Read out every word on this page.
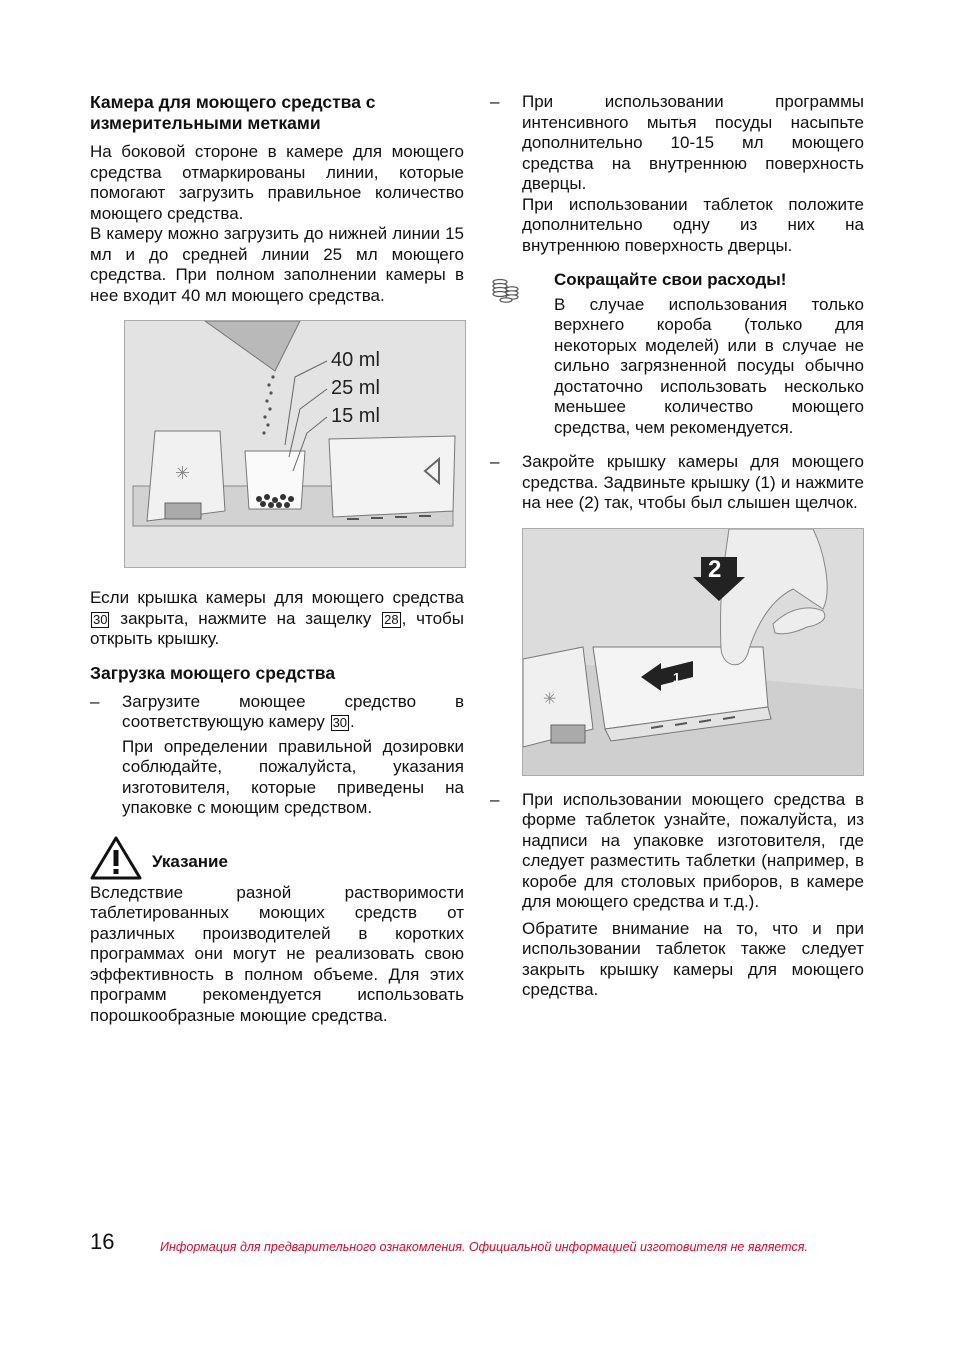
Камера для моющего средства с измерительными метками

На боковой стороне в камере для моющего средства отмаркированы линии, которые помогают загрузить правильное количество моющего средства.

В камеру можно загрузить до нижней линии 15 мл и до средней линии 25 мл моющего средства. При полном заполнении камеры в нее входит 40 мл моющего средства.

✳
40 ml
25 ml
15 ml

Если крышка камеры для моющего средства 30 закрыта, нажмите на защелку 28 , чтобы открыть крышку.

Загрузка моющего средства
– Загрузите моющее средство в соответствующую камеру 30 .

При определении правильной дозировки соблюдайте, пожалуйста, указания изготовителя, которые приведены на упаковке с моющим средством.

Указание

Вследствие разной растворимости таблетированных моющих средств от различных производителей в коротких программах они могут не реализовать свою эффективность в полном объеме. Для этих программ рекомендуется использовать порошкообразные моющие средства.

– При использовании программы интенсивного мытья посуды насыпьте дополнительно 10-15 мл моющего средства на внутреннюю поверхность дверцы.

При использовании таблеток положите дополнительно одну из них на внутреннюю поверхность дверцы.

Сокращайте свои расходы!

В случае использования только верхнего короба (только для некоторых моделей) или в случае не сильно загрязненной посуды обычно достаточно использовать несколько меньшее количество моющего средства, чем рекомендуется.

– Закройте крышку камеры для моющего средства. Задвиньте крышку (1) и нажмите на нее (2) так, чтобы был слышен щелчок.

✳
1
2
– При использовании моющего средства в форме таблеток узнайте, пожалуйста, из надписи на упаковке изготовителя, где следует разместить таблетки (например, в коробе для столовых приборов, в камере для моющего средства и т.д.).

Обратите внимание на то, что и при использовании таблеток также следует закрыть крышку камеры для моющего средства.

16	Информация для предварительного ознакомления. Официальной информацией изготовителя не является.
